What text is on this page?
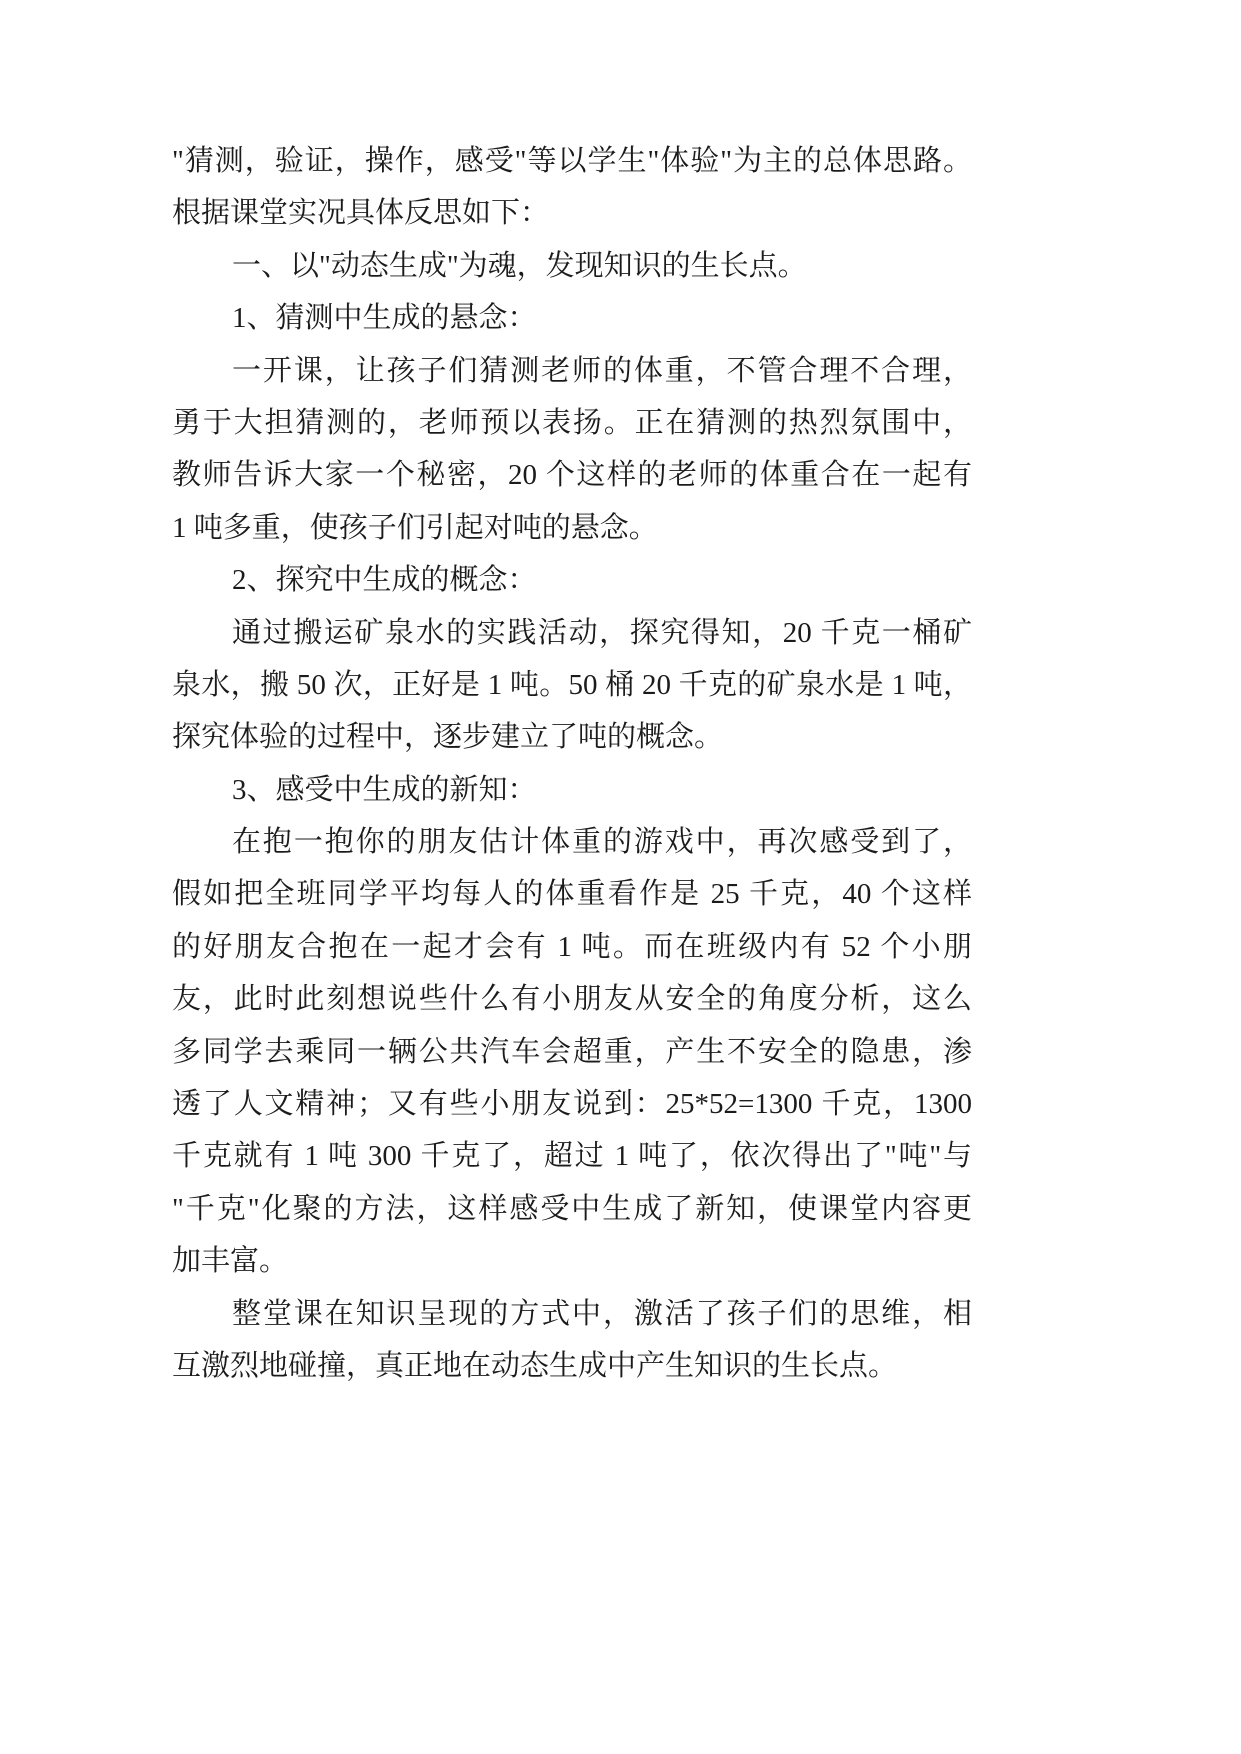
"猜测，验证，操作，感受"等以学生"体验"为主的总体思路。
根据课堂实况具体反思如下：
一、以"动态生成"为魂，发现知识的生长点。
1、猜测中生成的悬念：
一开课，让孩子们猜测老师的体重，不管合理不合理，
勇于大担猜测的，老师预以表扬。正在猜测的热烈氛围中，
教师告诉大家一个秘密，20 个这样的老师的体重合在一起有
1 吨多重，使孩子们引起对吨的悬念。
2、探究中生成的概念：
通过搬运矿泉水的实践活动，探究得知，20 千克一桶矿
泉水，搬 50 次，正好是 1 吨。50 桶 20 千克的矿泉水是 1 吨，
探究体验的过程中，逐步建立了吨的概念。
3、感受中生成的新知：
在抱一抱你的朋友估计体重的游戏中，再次感受到了，
假如把全班同学平均每人的体重看作是 25 千克，40 个这样
的好朋友合抱在一起才会有 1 吨。而在班级内有 52 个小朋
友，此时此刻想说些什么有小朋友从安全的角度分析，这么
多同学去乘同一辆公共汽车会超重，产生不安全的隐患，渗
透了人文精神；又有些小朋友说到：25*52=1300 千克，1300
千克就有 1 吨 300 千克了，超过 1 吨了，依次得出了"吨"与
"千克"化聚的方法，这样感受中生成了新知，使课堂内容更
加丰富。
整堂课在知识呈现的方式中，激活了孩子们的思维，相
互激烈地碰撞，真正地在动态生成中产生知识的生长点。
